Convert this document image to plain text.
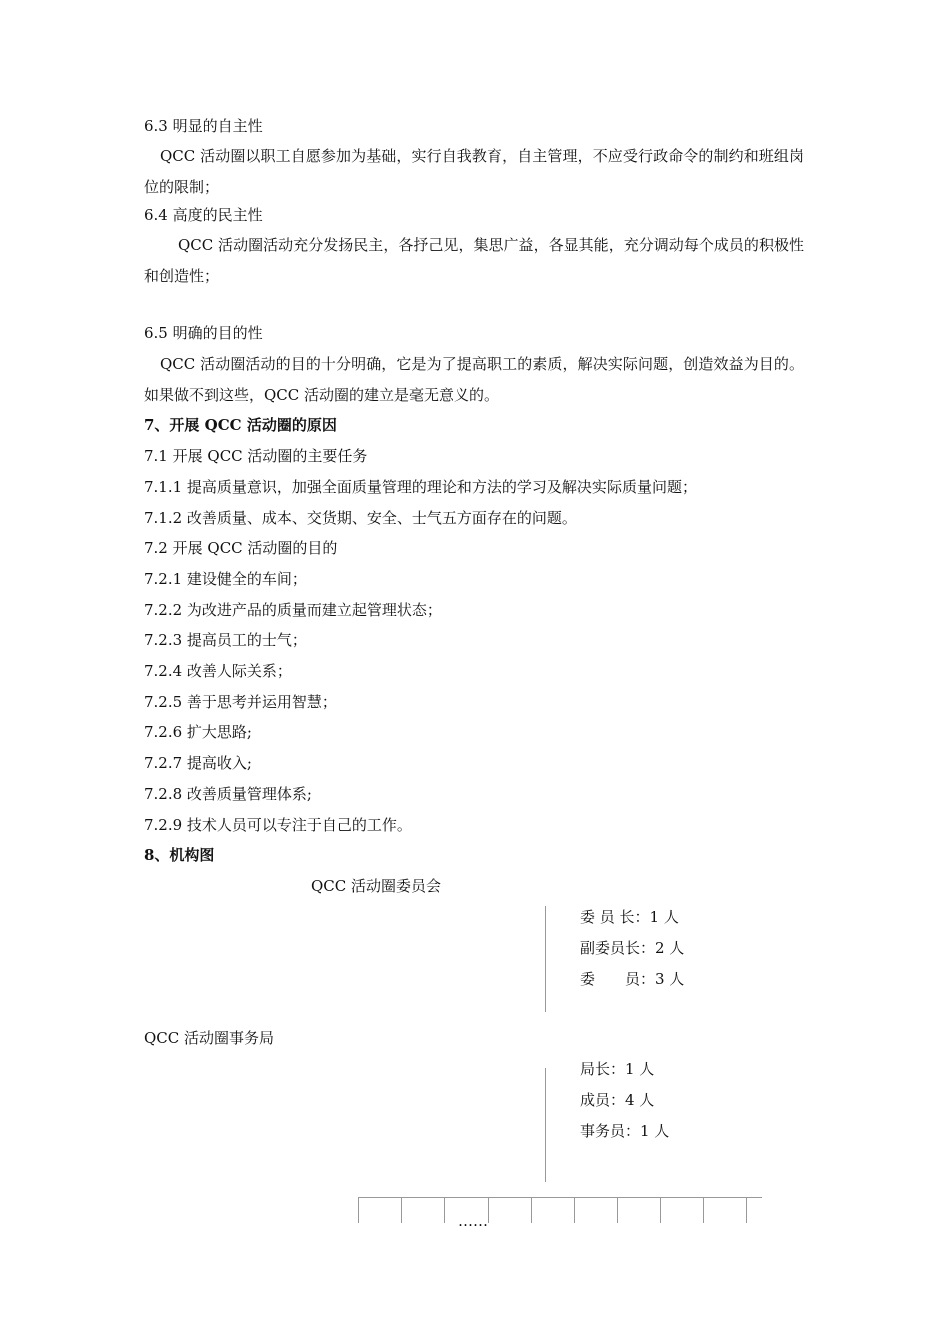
6.3 明显的自主性
QCC 活动圈以职工自愿参加为基础，实行自我教育，自主管理，不应受行政命令的制约和班组岗位的限制；
6.4 高度的民主性
QCC 活动圈活动充分发扬民主，各抒己见，集思广益，各显其能，充分调动每个成员的积极性和创造性；
6.5 明确的目的性
QCC 活动圈活动的目的十分明确，它是为了提高职工的素质，解决实际问题，创造效益为目的。如果做不到这些，QCC 活动圈的建立是毫无意义的。
7、开展 QCC 活动圈的原因
7.1 开展 QCC 活动圈的主要任务
7.1.1 提高质量意识，加强全面质量管理的理论和方法的学习及解决实际质量问题；
7.1.2 改善质量、成本、交货期、安全、士气五方面存在的问题。
7.2 开展 QCC 活动圈的目的
7.2.1 建设健全的车间；
7.2.2 为改进产品的质量而建立起管理状态；
7.2.3 提高员工的士气；
7.2.4 改善人际关系；
7.2.5 善于思考并运用智慧；
7.2.6 扩大思路;
7.2.7 提高收入;
7.2.8 改善质量管理体系;
7.2.9 技术人员可以专注于自己的工作。
8、机构图
QCC 活动圈委员会
委 员 长：1 人
副委员长：2 人
委　　员：3 人
QCC 活动圈事务局
局长：1 人
成员：4 人
事务员：1 人
……
